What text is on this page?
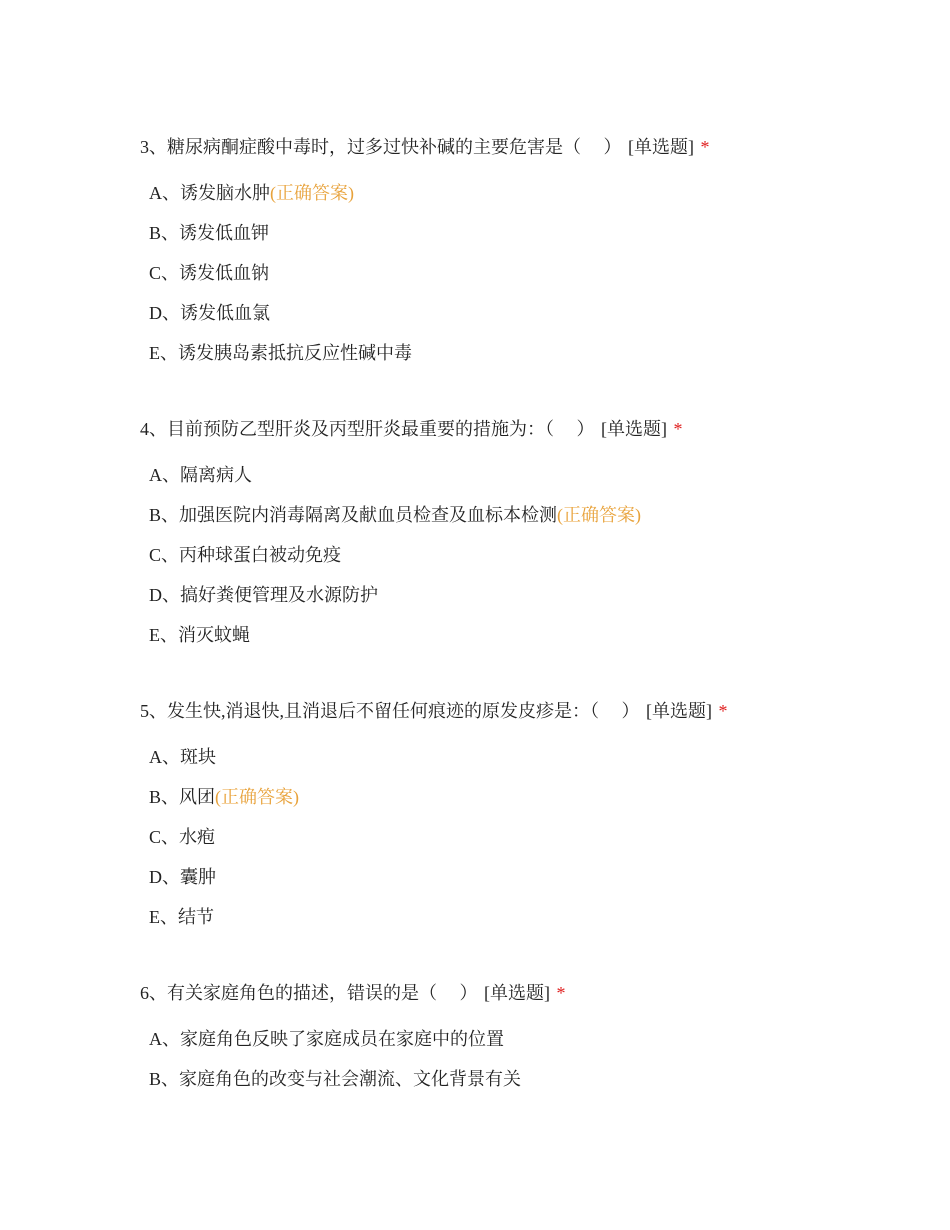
3、糖尿病酮症酸中毒时，过多过快补碱的主要危害是（　 ） [单选题] *
A、诱发脑水肿(正确答案)
B、诱发低血钾
C、诱发低血钠
D、诱发低血氯
E、诱发胰岛素抵抗反应性碱中毒
4、目前预防乙型肝炎及丙型肝炎最重要的措施为：（　 ） [单选题] *
A、隔离病人
B、加强医院内消毒隔离及献血员检查及血标本检测(正确答案)
C、丙种球蛋白被动免疫
D、搞好粪便管理及水源防护
E、消灭蚊蝇
5、发生快,消退快,且消退后不留任何痕迹的原发皮疹是：（　 ） [单选题] *
A、斑块
B、风团(正确答案)
C、水疱
D、囊肿
E、结节
6、有关家庭角色的描述，错误的是（　 ） [单选题] *
A、家庭角色反映了家庭成员在家庭中的位置
B、家庭角色的改变与社会潮流、文化背景有关
